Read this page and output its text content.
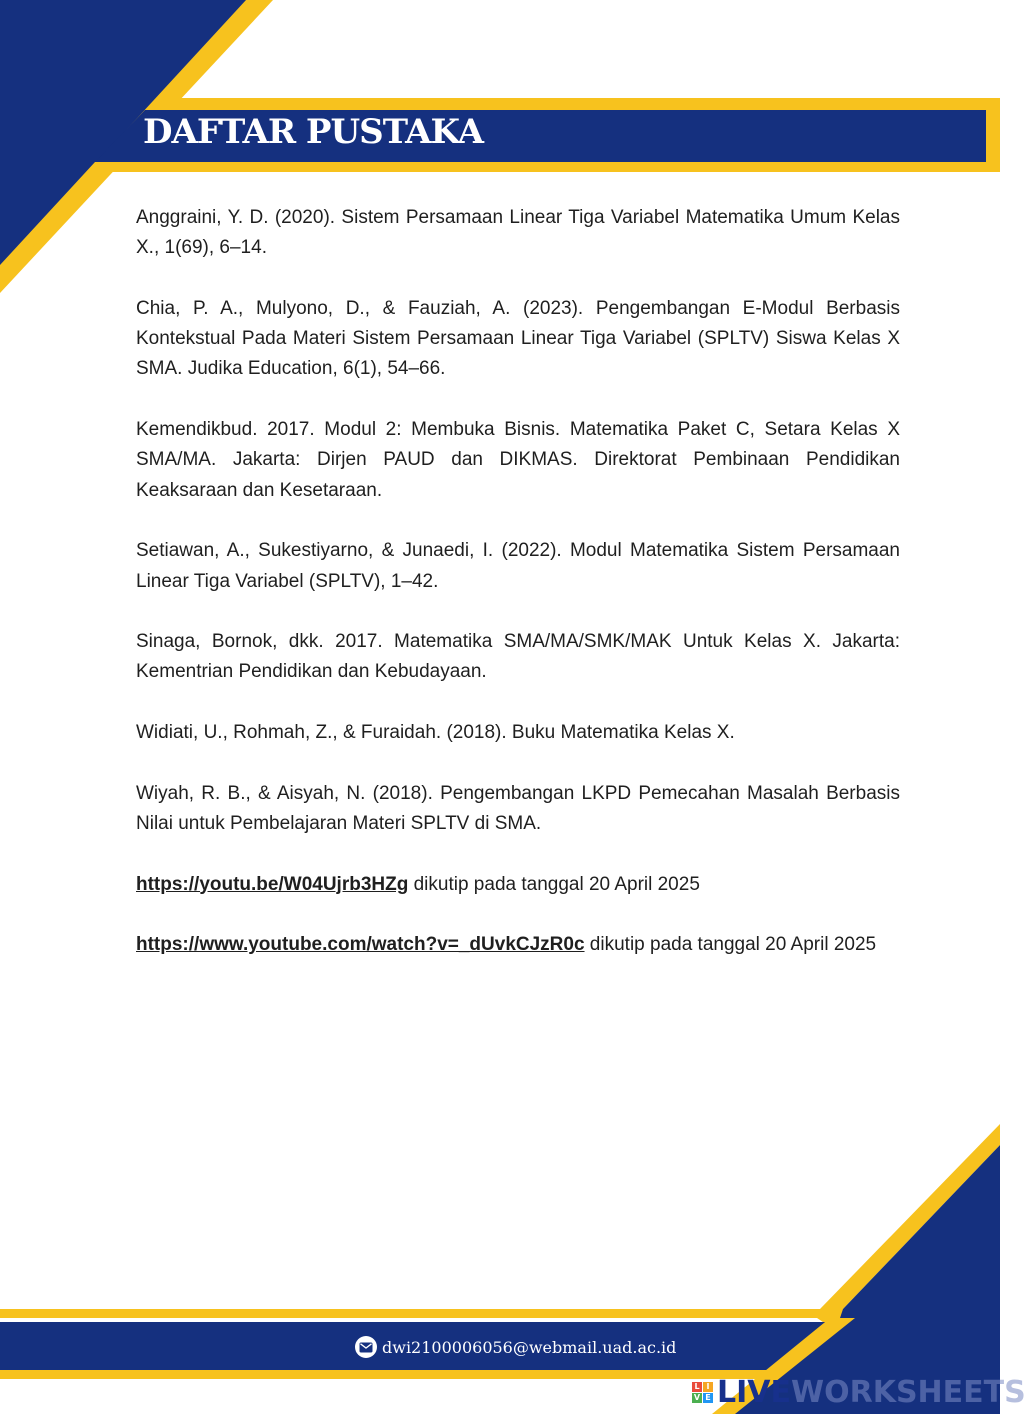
DAFTAR PUSTAKA

Anggraini, Y. D. (2020). Sistem Persamaan Linear Tiga Variabel Matematika Umum Kelas X., 1(69), 6–14.

Chia, P. A., Mulyono, D., & Fauziah, A. (2023). Pengembangan E-Modul Berbasis Kontekstual Pada Materi Sistem Persamaan Linear Tiga Variabel (SPLTV) Siswa Kelas X SMA. Judika Education, 6(1), 54–66.

Kemendikbud. 2017. Modul 2: Membuka Bisnis. Matematika Paket C, Setara Kelas X SMA/MA. Jakarta: Dirjen PAUD dan DIKMAS. Direktorat Pembinaan Pendidikan Keaksaraan dan Kesetaraan.

Setiawan, A., Sukestiyarno, & Junaedi, I. (2022). Modul Matematika Sistem Persamaan Linear Tiga Variabel (SPLTV), 1–42.

Sinaga, Bornok, dkk. 2017. Matematika SMA/MA/SMK/MAK Untuk Kelas X. Jakarta: Kementrian Pendidikan dan Kebudayaan.

Widiati, U., Rohmah, Z., & Furaidah. (2018). Buku Matematika Kelas X.

Wiyah, R. B., & Aisyah, N. (2018). Pengembangan LKPD Pemecahan Masalah Berbasis Nilai untuk Pembelajaran Materi SPLTV di SMA.

https://youtu.be/W04Ujrb3HZg dikutip pada tanggal 20 April 2025

https://www.youtube.com/watch?v=_dUvkCJzR0c dikutip pada tanggal 20 April 2025

dwi2100006056@webmail.uad.ac.id
L I
V E LIVE WORKSHEETS
